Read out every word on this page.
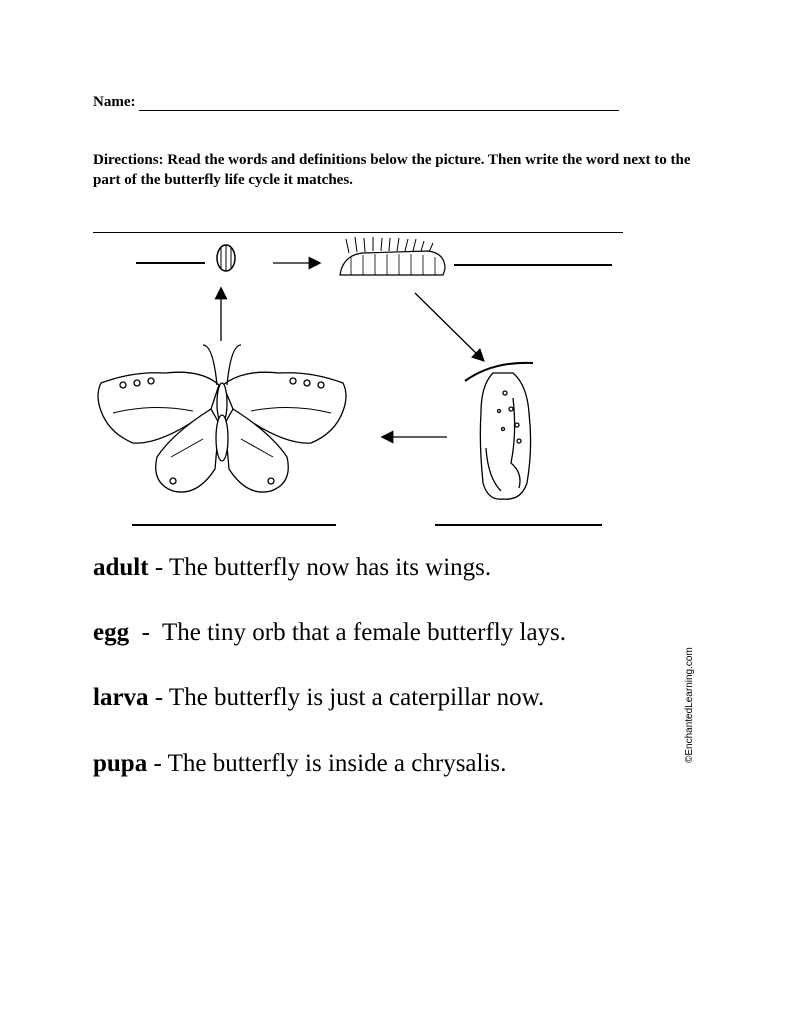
Name:
Directions: Read the words and definitions below the picture. Then write the word next to the part of the butterfly life cycle it matches.
©EnchantedLearning.com
adult - The butterfly now has its wings.
egg  -  The tiny orb that a female butterfly lays.
larva - The butterfly is just a caterpillar now.
pupa - The butterfly is inside a chrysalis.
